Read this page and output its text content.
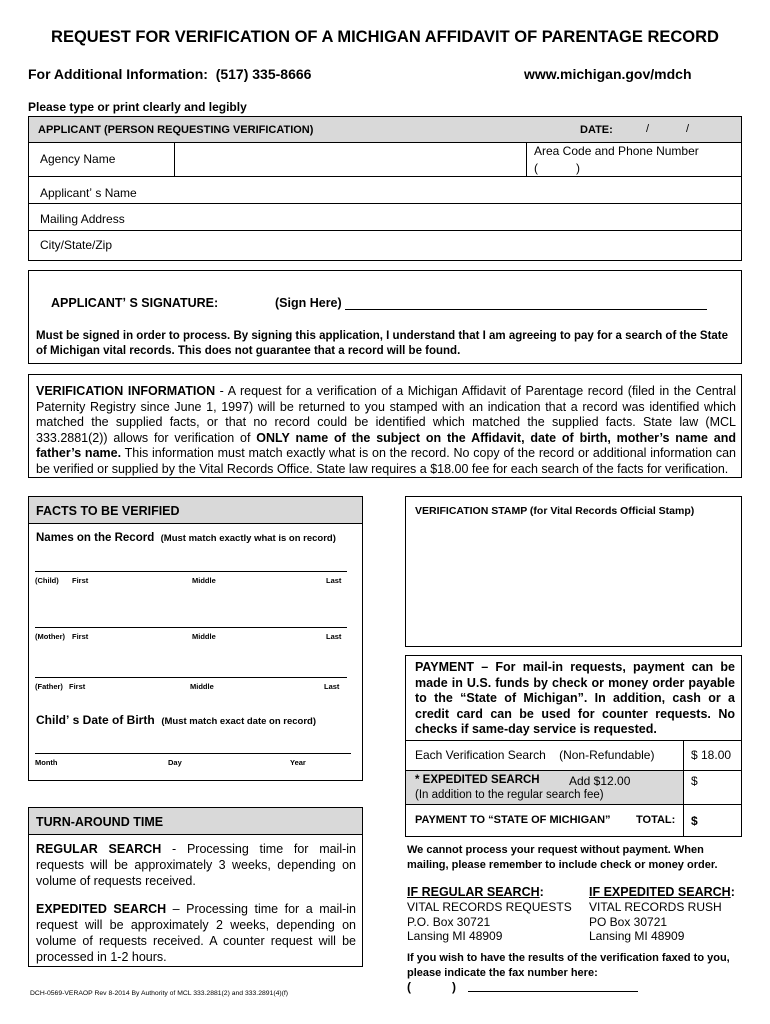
REQUEST FOR VERIFICATION OF A MICHIGAN AFFIDAVIT OF PARENTAGE RECORD
For Additional Information: (517) 335-8666	www.michigan.gov/mdch
Please type or print clearly and legibly
APPLICANT (PERSON REQUESTING VERIFICATION)	DATE:	/	/
Agency Name
Area Code and Phone Number
(	)
Applicantʼ s Name
Mailing Address
City/State/Zip
APPLICANTʼ S SIGNATURE:	(Sign Here)
Must be signed in order to process. By signing this application, I understand that I am agreeing to pay for a search of the State of Michigan vital records. This does not guarantee that a record will be found.
VERIFICATION INFORMATION - A request for a verification of a Michigan Affidavit of Parentage record (filed in the Central Paternity Registry since June 1, 1997) will be returned to you stamped with an indication that a record was identified which matched the supplied facts, or that no record could be identified which matched the supplied facts. State law (MCL 333.2881(2)) allows for verification of ONLY name of the subject on the Affidavit, date of birth, mother’s name and father’s name. This information must match exactly what is on the record. No copy of the record or additional information can be verified or supplied by the Vital Records Office. State law requires a $18.00 fee for each search of the facts for verification.
FACTS TO BE VERIFIED
Names on the Record (Must match exactly what is on record)
(Child) First	Middle	Last
(Mother) First	Middle	Last
(Father) First	Middle	Last
Childʼ s Date of Birth (Must match exact date on record)
Month	Day	Year
VERIFICATION STAMP (for Vital Records Official Stamp)
PAYMENT – For mail-in requests, payment can be made in U.S. funds by check or money order payable to the “State of Michigan”. In addition, cash or a credit card can be used for counter requests. No checks if same-day service is requested.
Each Verification Search (Non-Refundable)	$ 18.00
* EXPEDITED SEARCH Add $12.00
(In addition to the regular search fee)
$
PAYMENT TO “STATE OF MICHIGAN” TOTAL: $
TURN-AROUND TIME
REGULAR SEARCH - Processing time for mail-in requests will be approximately 3 weeks, depending on volume of requests received.
EXPEDITED SEARCH – Processing time for a mail-in request will be approximately 2 weeks, depending on volume of requests received. A counter request will be processed in 1-2 hours.
We cannot process your request without payment. When mailing, please remember to include check or money order.
IF REGULAR SEARCH:
VITAL RECORDS REQUESTS
P.O. Box 30721
Lansing MI 48909
IF EXPEDITED SEARCH:
VITAL RECORDS RUSH
PO Box 30721
Lansing MI 48909
If you wish to have the results of the verification faxed to you, please indicate the fax number here:
(	)
DCH-0569-VERAOP Rev 8-2014 By Authority of MCL 333.2881(2) and 333.2891(4)(f)
